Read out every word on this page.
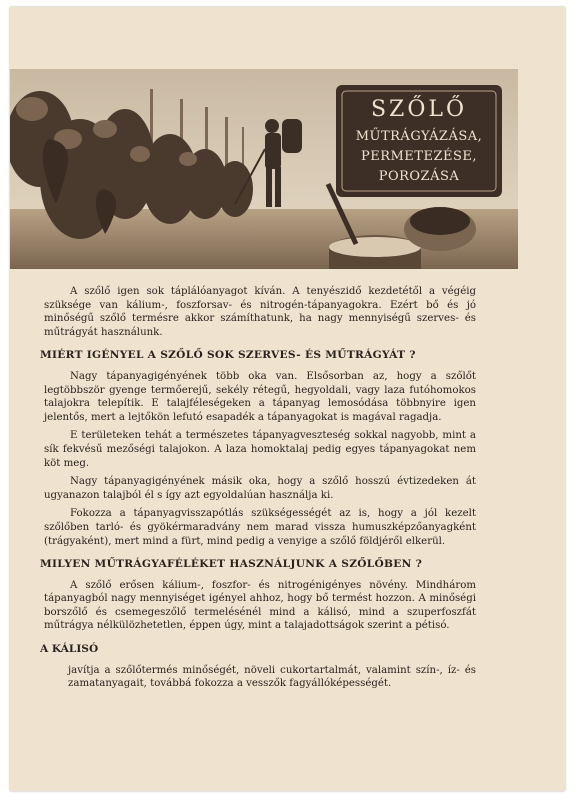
SZŐLŐ
MŰTRÁGYÁZÁSA,
PERMETEZÉSE,
POROZÁSA

A szőlő igen sok táplálóanyagot kíván. A tenyészidő kezdetétől a végéig szüksége van kálium-, foszforsav- és nitrogén-tápanyagokra. Ezért bő és jó minőségű szőlő termésre akkor számíthatunk, ha nagy mennyiségű szerves- és műtrágyát használunk.

MIÉRT IGÉNYEL A SZŐLŐ SOK SZERVES- ÉS MŰTRÁGYÁT ?

Nagy tápanyagigényének több oka van. Elsősorban az, hogy a szőlőt legtöbbször gyenge termőerejű, sekély rétegű, hegyoldali, vagy laza futóhomokos talajokra telepítik. E talajféleségeken a tápanyag lemosódása többnyire igen jelentős, mert a lejtőkön lefutó esapadék a tápanyagokat is magával ragadja.

E területeken tehát a természetes tápanyagveszteség sokkal nagyobb, mint a sík fekvésű mezőségi talajokon. A laza homoktalaj pedig egyes tápanyagokat nem köt meg.

Nagy tápanyagigényének másik oka, hogy a szőlő hosszú évtizedeken át ugyanazon talajból él s így azt egyoldalúan használja ki.

Fokozza a tápanyagvisszapótlás szükségességét az is, hogy a jól kezelt szőlőben tarló- és gyökérmaradvány nem marad vissza humuszképzőanyagként (trágyaként), mert mind a fürt, mind pedig a venyige a szőlő földjéről elkerül.

MILYEN MŰTRÁGYAFÉLÉKET HASZNÁLJUNK A SZŐLŐBEN ?

A szőlő erősen kálium-, foszfor- és nitrogénigényes növény. Mindhárom tápanyagból nagy mennyiséget igényel ahhoz, hogy bő termést hozzon. A minőségi borszőlő és csemegeszőlő termelésénél mind a kálisó, mind a szuperfoszfát műtrágya nélkülözhetetlen, éppen úgy, mint a talajadottságok szerint a pétisó.

A KÁLISÓ

javítja a szőlőtermés minőségét, növeli cukortartalmát, valamint szín-, íz- és zamatanyagait, továbbá fokozza a vesszők fagyállóképességét.
